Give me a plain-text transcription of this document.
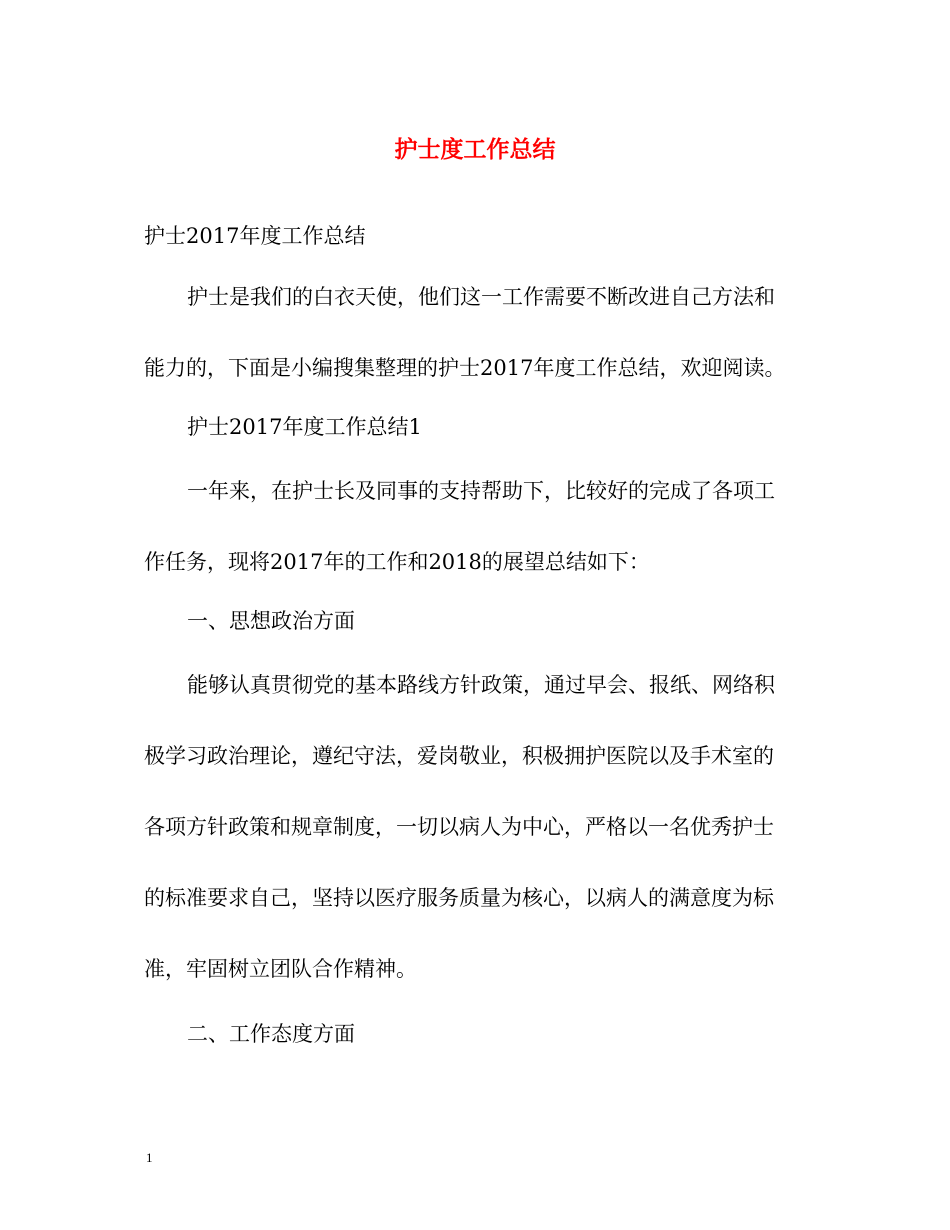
护士度工作总结
护士2017年度工作总结
护士是我们的白衣天使，他们这一工作需要不断改进自己方法和
能力的，下面是小编搜集整理的护士2017年度工作总结，欢迎阅读。
护士2017年度工作总结1
一年来，在护士长及同事的支持帮助下，比较好的完成了各项工
作任务，现将2017年的工作和2018的展望总结如下：
一、思想政治方面
能够认真贯彻党的基本路线方针政策，通过早会、报纸、网络积
极学习政治理论，遵纪守法，爱岗敬业，积极拥护医院以及手术室的
各项方针政策和规章制度，一切以病人为中心，严格以一名优秀护士
的标准要求自己，坚持以医疗服务质量为核心，以病人的满意度为标
准，牢固树立团队合作精神。
二、工作态度方面
1
